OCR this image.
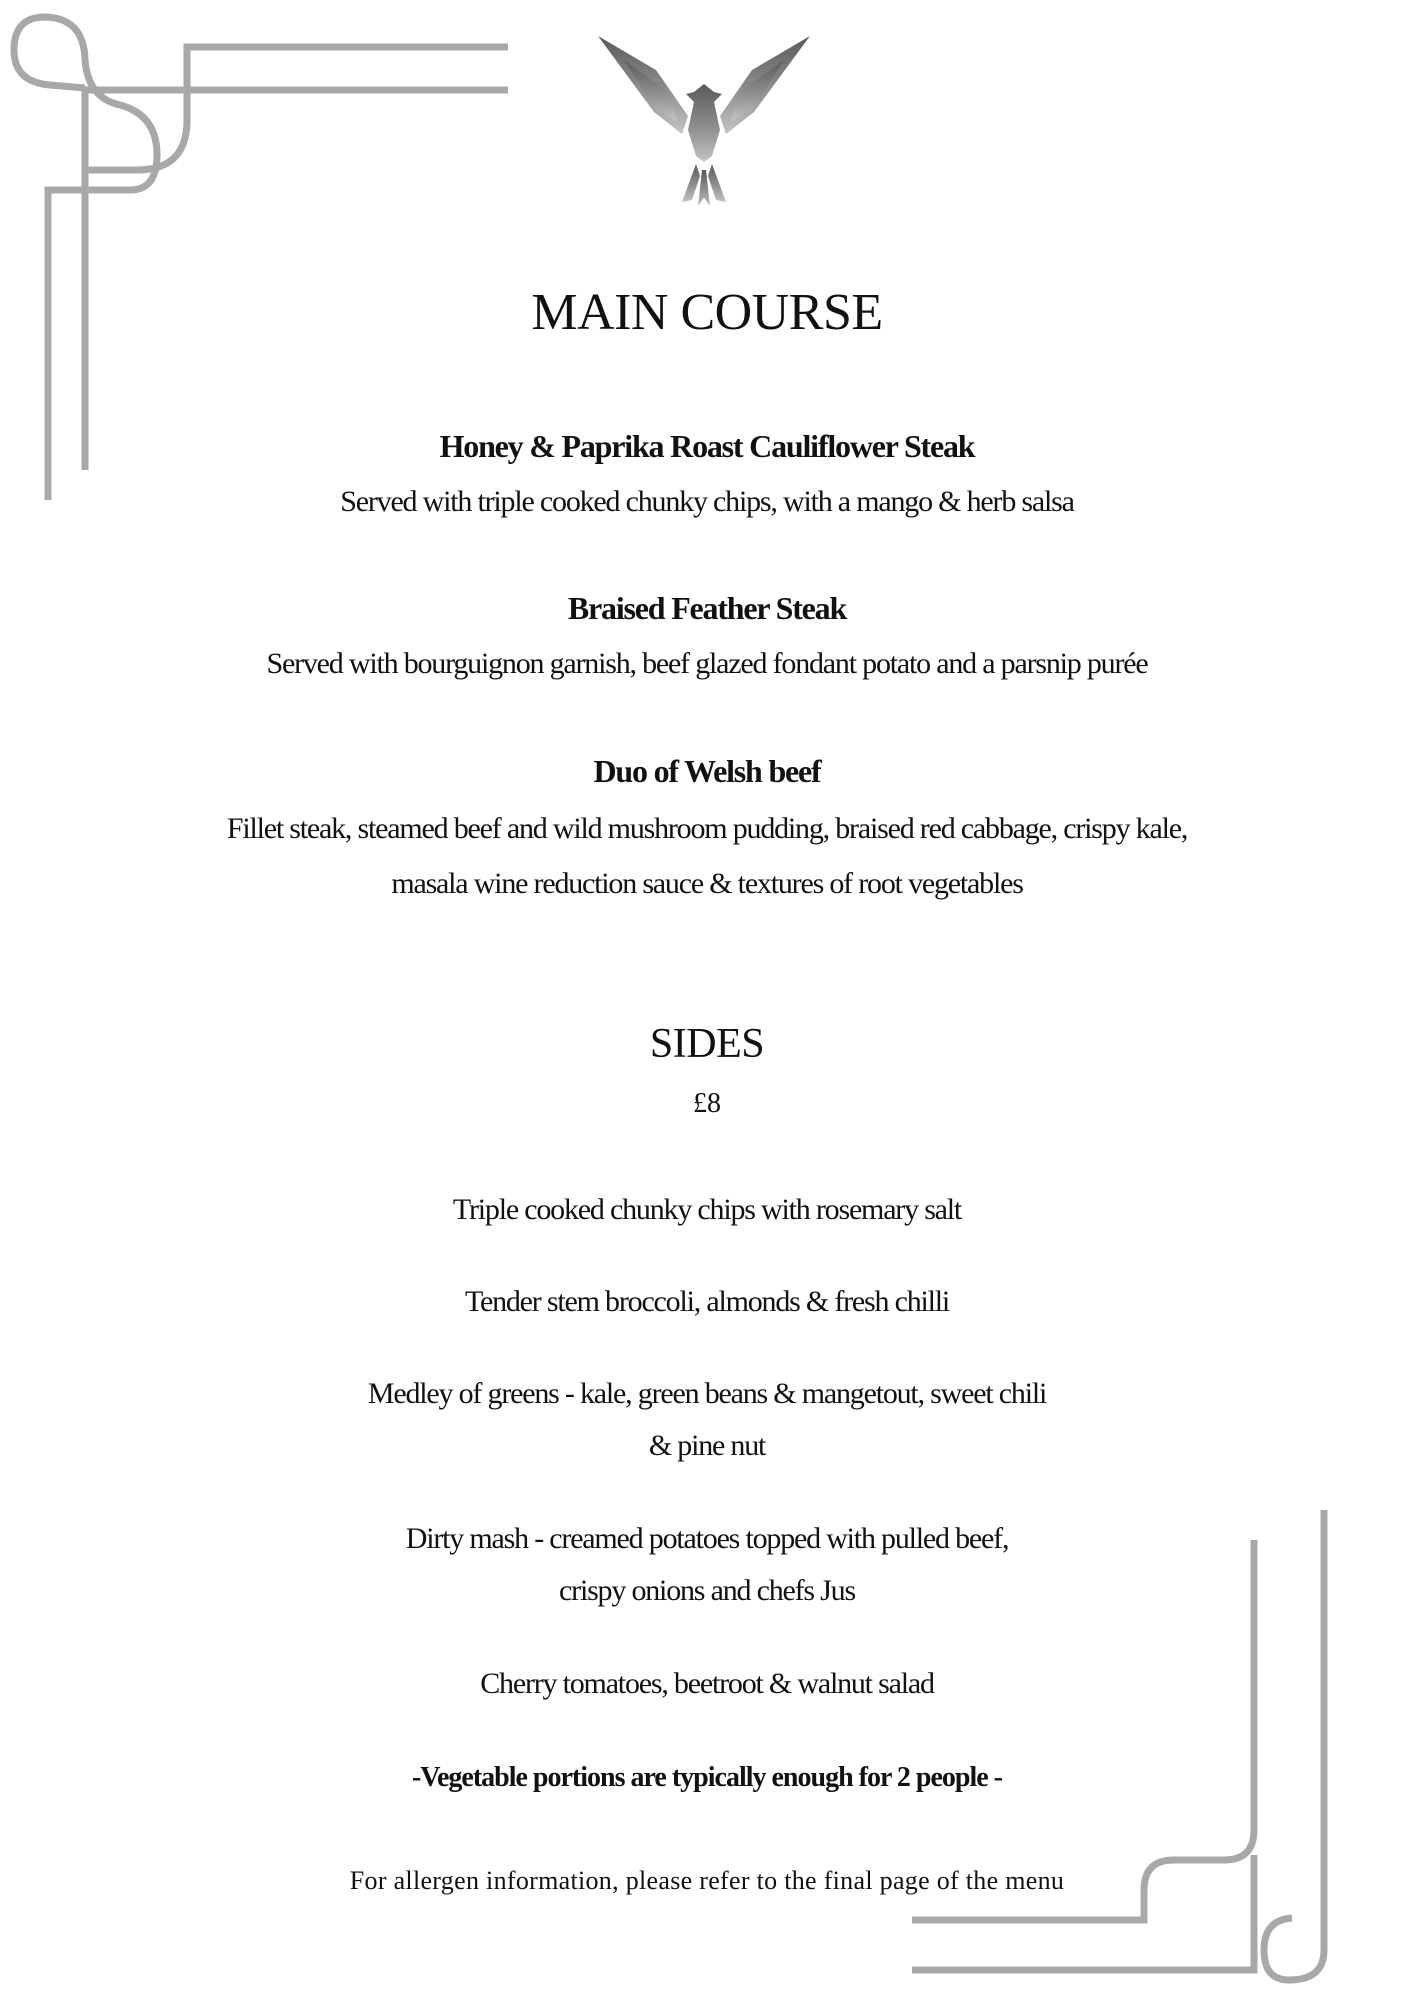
MAIN COURSE
Honey & Paprika Roast Cauliflower Steak
Served with triple cooked chunky chips, with a mango & herb salsa
Braised Feather Steak
Served with bourguignon garnish, beef glazed fondant potato and a parsnip purée
Duo of Welsh beef
Fillet steak, steamed beef and wild mushroom pudding, braised red cabbage, crispy kale,
masala wine reduction sauce & textures of root vegetables
SIDES
£8
Triple cooked chunky chips with rosemary salt
Tender stem broccoli, almonds & fresh chilli
Medley of greens - kale, green beans & mangetout, sweet chili
& pine nut
Dirty mash - creamed potatoes topped with pulled beef,
crispy onions and chefs Jus
Cherry tomatoes, beetroot & walnut salad
-Vegetable portions are typically enough for 2 people -
For allergen information, please refer to the final page of the menu
